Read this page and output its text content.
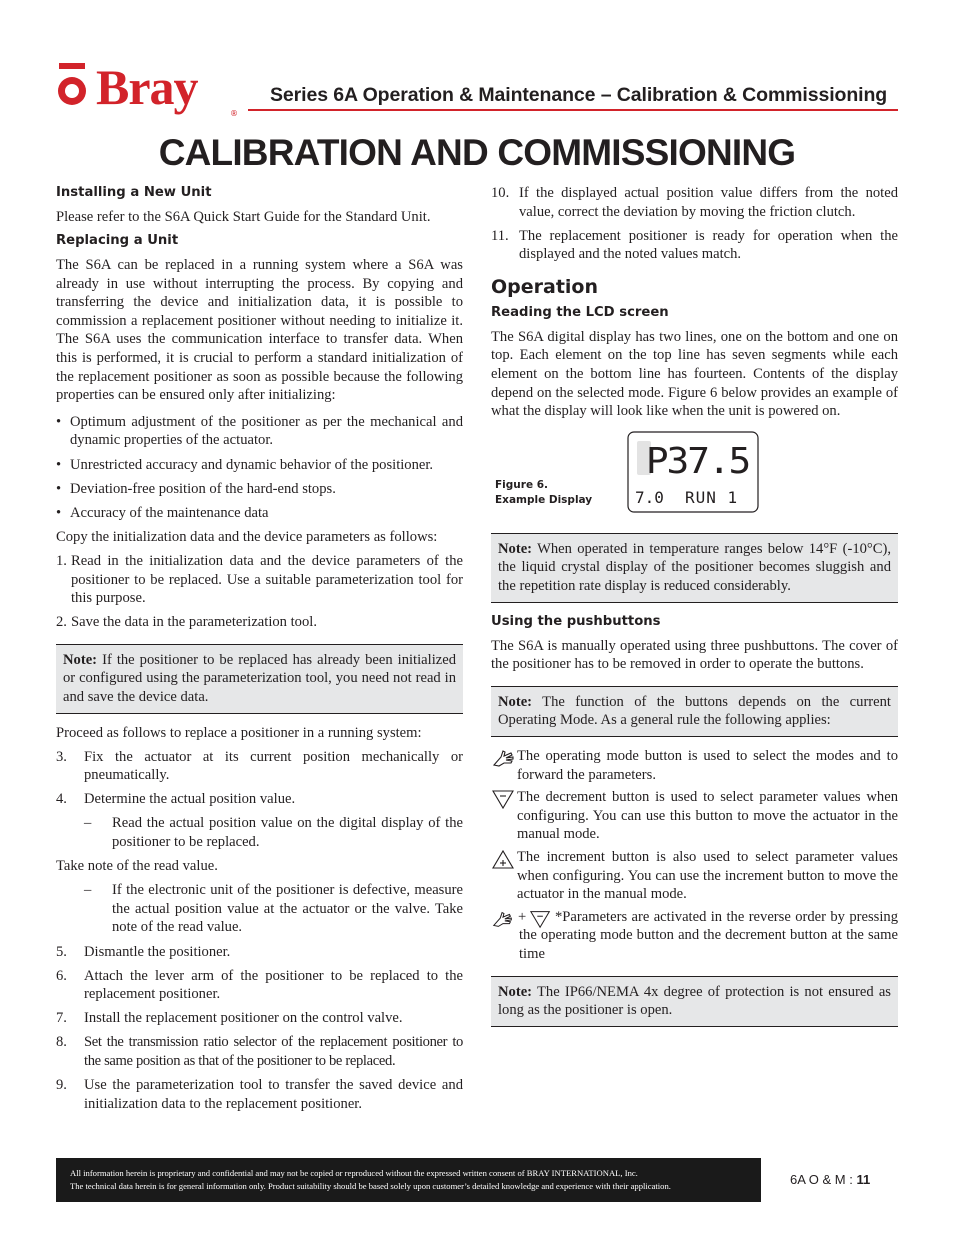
Bray	®
Series 6A Operation & Maintenance – Calibration & Commissioning
CALIBRATION AND COMMISSIONING
Installing a New Unit

Please refer to the S6A Quick Start Guide for the Standard Unit.

Replacing a Unit

The S6A can be replaced in a running system where a S6A was already in use without interrupting the process. By copying and transferring the device and initialization data, it is possible to commission a replacement positioner without needing to initialize it. The S6A uses the communication interface to transfer data. When this is performed, it is crucial to perform a standard initialization of the replacement positioner as soon as possible because the following properties can be ensured only after initializing:

• Optimum adjustment of the positioner as per the mechanical and dynamic properties of the actuator.
• Unrestricted accuracy and dynamic behavior of the positioner.
• Deviation-free position of the hard-end stops.
• Accuracy of the maintenance data

Copy the initialization data and the device parameters as follows:

1. Read in the initialization data and the device parameters of the positioner to be replaced. Use a suitable parameterization tool for this purpose.
2. Save the data in the parameterization tool.
Note: If the positioner to be replaced has already been initialized or configured using the parameterization tool, you need not read in and save the device data.

Proceed as follows to replace a positioner in a running system:

3.	Fix the actuator at its current position mechanically or pneumatically.
4.	Determine the actual position value.
–	Read the actual position value on the digital display of the positioner to be replaced.

Take note of the read value.

–	If the electronic unit of the positioner is defective, measure the actual position value at the actuator or the valve. Take note of the read value.
5.	Dismantle the positioner.
6.	Attach the lever arm of the positioner to be replaced to the replacement positioner.
7.	Install the replacement positioner on the control valve.
8.	Set the transmission ratio selector of the replacement positioner to the same position as that of the positioner to be replaced.
9.	Use the parameterization tool to transfer the saved device and initialization data to the replacement positioner.
10. If the displayed actual position value differs from the noted value, correct the deviation by moving the friction clutch.
11. The replacement positioner is ready for operation when the displayed and the noted values match.
Operation
Reading the LCD screen

The S6A digital display has two lines, one on the bottom and one on top. Each element on the top line has seven segments while each element on the bottom line has fourteen. Contents of the display depend on the selected mode. Figure 6 below provides an example of what the display will look like when the unit is powered on.

Figure 6.
Example Display
P37.5
7.0 RUN 1
Note: When operated in temperature ranges below 14°F (-10°C), the liquid crystal display of the positioner becomes sluggish and the repetition rate display is reduced considerably.
Using the pushbuttons

The S6A is manually operated using three pushbuttons. The cover of the positioner has to be removed in order to operate the buttons.

Note: The function of the buttons depends on the current Operating Mode. As a general rule the following applies:
The operating mode button is used to select the modes and to forward the parameters.
The decrement button is used to select parameter values when configuring. You can use this button to move the actuator in the manual mode.
The increment button is also used to select parameter values when configuring. You can use the increment button to move the actuator in the manual mode.
+	*Parameters are activated in the reverse order by pressing the operating mode button and the decrement button at the same time
Note: The IP66/NEMA 4x degree of protection is not ensured as long as the positioner is open.
All information herein is proprietary and confidential and may not be copied or reproduced without the expressed written consent of BRAY INTERNATIONAL, Inc.
The technical data herein is for general information only. Product suitability should be based solely upon customer’s detailed knowledge and experience with their application.	6A O & M : 11
